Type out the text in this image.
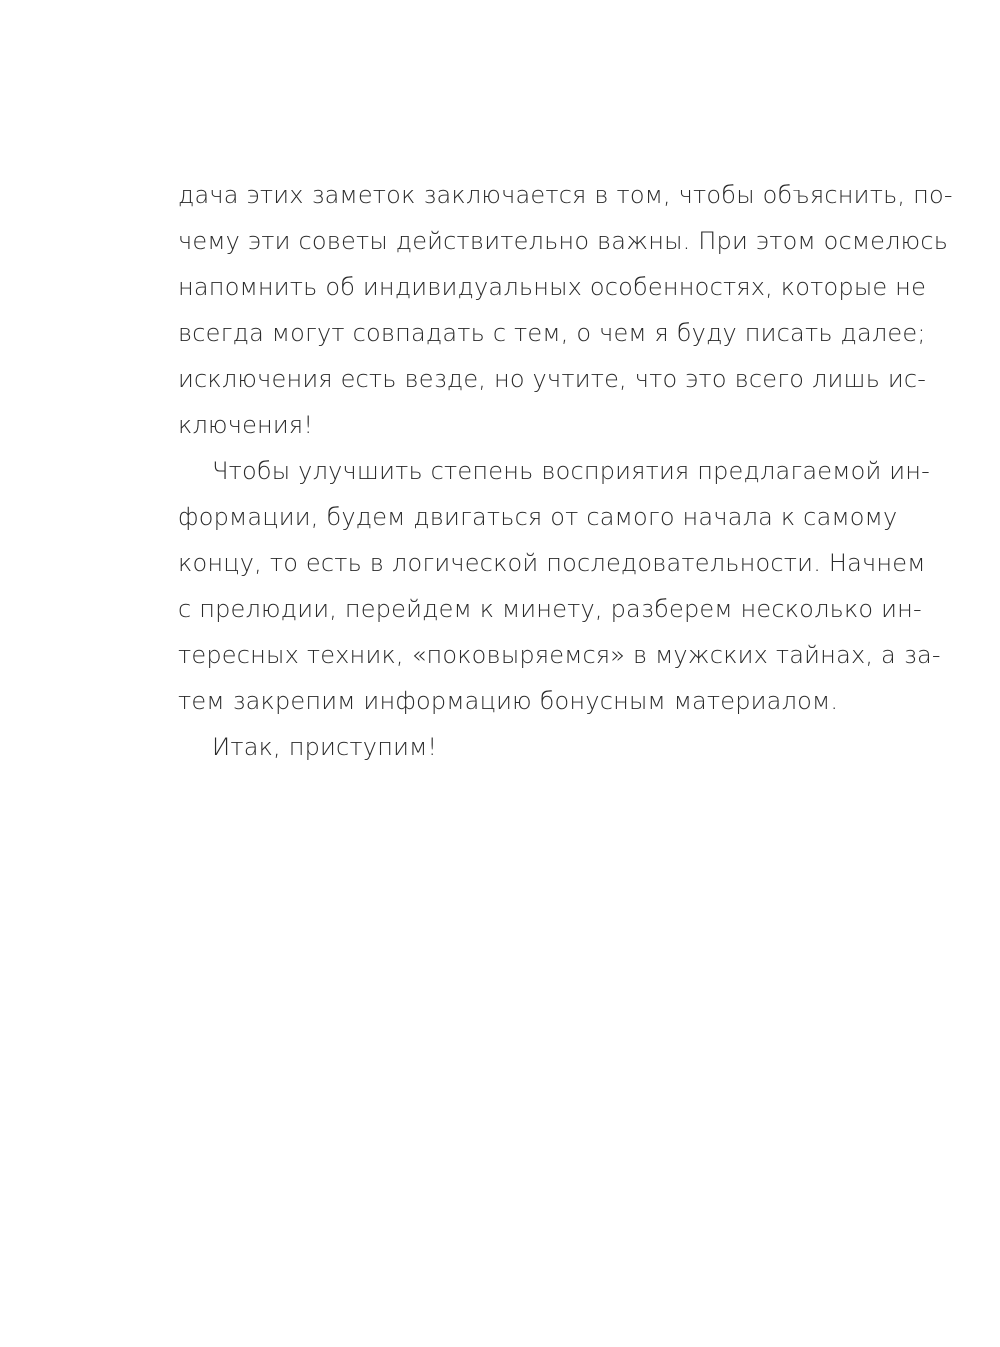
дача этих заметок заключается в том, чтобы объяснить, по-
чему эти советы действительно важны. При этом осмелюсь
напомнить об индивидуальных особенностях, которые не
всегда могут совпадать с тем, о чем я буду писать далее;
исключения есть везде, но учтите, что это всего лишь ис-
ключения!
Чтобы улучшить степень восприятия предлагаемой ин-
формации, будем двигаться от самого начала к самому
концу, то есть в логической последовательности. Начнем
с прелюдии, перейдем к минету, разберем несколько ин-
тересных техник, «поковыряемся» в мужских тайнах, а за-
тем закрепим информацию бонусным материалом.
Итак, приступим!
